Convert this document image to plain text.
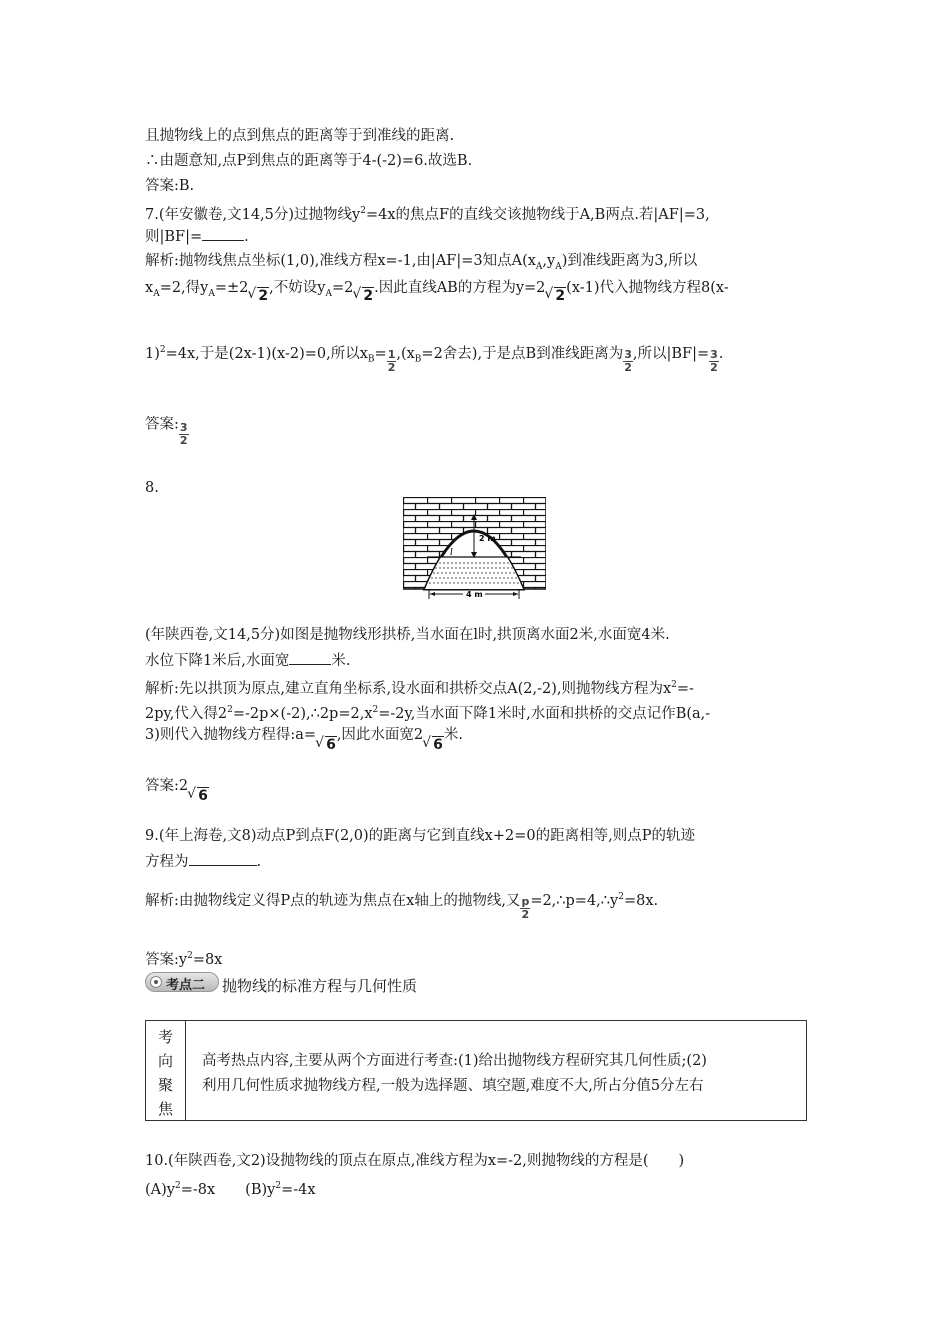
且抛物线上的点到焦点的距离等于到准线的距离.
∴由题意知,点P到焦点的距离等于4-(-2)=6.故选B.
答案:B.
7.(年安徽卷,文14,5分)过抛物线$y^2=4x$的焦点F的直线交该抛物线于A,B两点.若|AF|=3,
则|BF|=	.
解析:抛物线焦点坐标(1,0),准线方程x=-1,由|AF|=3知点$A(x_A,y_A)$到准线距离为3,所以
$x_A=2$,得$y_A=\pm 2√$ 2,不妨设$y_A=2√$ 2.因此直线AB的方程为y=2√ 2(x-1)代入抛物线方程8(x-
1)$^2$=4x,于是(2x-1)(x-2)=0,所以$x_B= \frac{1}{2} ,(x_B=2$舍去),于是点B到准线距离为 $\frac{3}{2}$ ,所以$|BF|= \frac{3}{2}$ .
答案: $\frac{3}{2}$
8.
2 m
l
4 m
(年陕西卷,文14,5分)如图是抛物线形拱桥,当水面在l时,拱顶离水面2米,水面宽4米.
水位下降1米后,水面宽	米.
解析:先以拱顶为原点,建立直角坐标系,设水面和拱桥交点A(2,-2),则抛物线方程为$x^2=-$
2py,代入得$2^2=-2p\times(-2),\therefore 2p=2,x^2=-2y$,当水面下降1米时,水面和拱桥的交点记作B(a,-
3)则代入抛物线方程得:a=√ 6,因此水面宽2√ 6米.
答案:2√ 6
9.(年上海卷,文8)动点P到点F(2,0)的距离与它到直线x+2=0的距离相等,则点P的轨迹
方程为	.
解析:由抛物线定义得P点的轨迹为焦点在x轴上的抛物线,又 $\frac{p}{2}$ $=2,\therefore p=4,\therefore y^2=8x$.
答案$:y^2=8x$
考点二 抛物线的标准方程与几何性质
考
向
聚
焦
高考热点内容,主要从两个方面进行考查:(1)给出抛物线方程研究其几何性质;(2)
利用几何性质求抛物线方程,一般为选择题、填空题,难度不大,所占分值5分左右
10.(年陕西卷,文2)设抛物线的顶点在原点,准线方程为x=-2,则抛物线的方程是( )
$(A)y^2=-8x$ $(B)y^2=-4x$
